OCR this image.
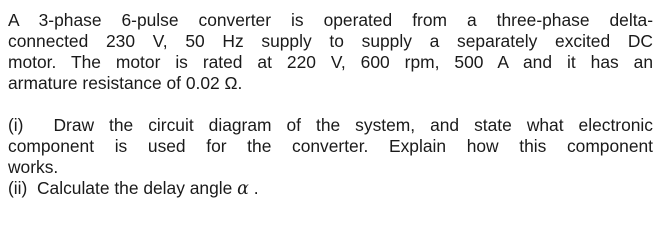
A 3-phase 6-pulse converter is operated from a three-phase delta-

connected 230 V, 50 Hz supply to supply a separately excited DC

motor. The motor is rated at 220 V, 600 rpm, 500 A and it has an

armature resistance of 0.02 Ω.

(i) Draw the circuit diagram of the system, and state what electronic

component is used for the converter. Explain how this component

works.

(ii) Calculate the delay angle α .
